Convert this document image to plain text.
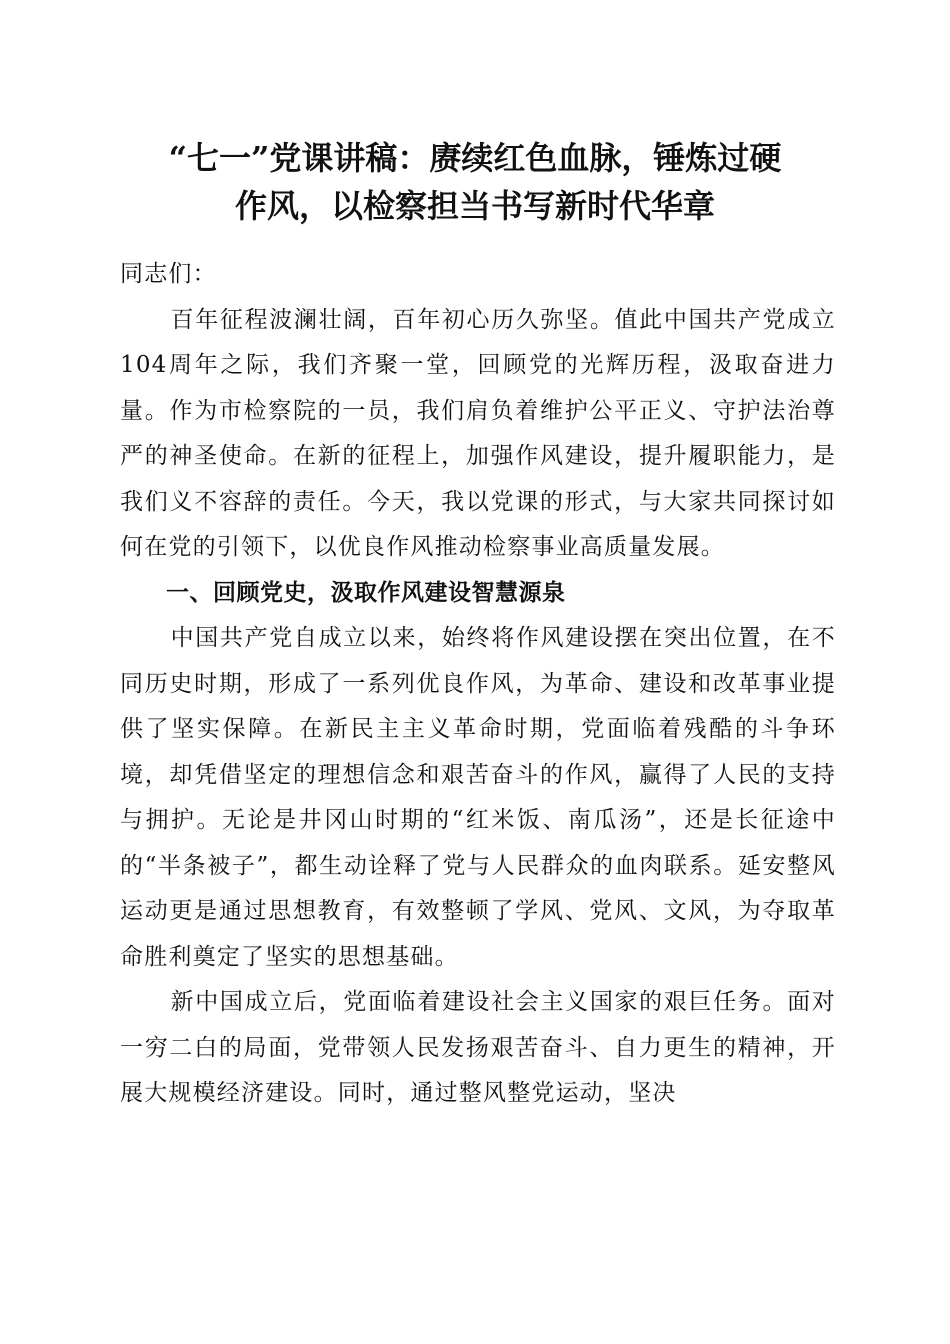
“七一”党课讲稿：赓续红色血脉，锤炼过硬
作风，以检察担当书写新时代华章

同志们：

百年征程波澜壮阔，百年初心历久弥坚。值此中国共产党成立104周年之际，我们齐聚一堂，回顾党的光辉历程，汲取奋进力量。作为市检察院的一员，我们肩负着维护公平正义、守护法治尊严的神圣使命。在新的征程上，加强作风建设，提升履职能力，是我们义不容辞的责任。今天，我以党课的形式，与大家共同探讨如何在党的引领下，以优良作风推动检察事业高质量发展。

一、回顾党史，汲取作风建设智慧源泉

中国共产党自成立以来，始终将作风建设摆在突出位置，在不同历史时期，形成了一系列优良作风，为革命、建设和改革事业提供了坚实保障。在新民主主义革命时期，党面临着残酷的斗争环境，却凭借坚定的理想信念和艰苦奋斗的作风，赢得了人民的支持与拥护。无论是井冈山时期的“红米饭、南瓜汤”，还是长征途中的“半条被子”，都生动诠释了党与人民群众的血肉联系。延安整风运动更是通过思想教育，有效整顿了学风、党风、文风，为夺取革命胜利奠定了坚实的思想基础。

新中国成立后，党面临着建设社会主义国家的艰巨任务。面对一穷二白的局面，党带领人民发扬艰苦奋斗、自力更生的精神，开展大规模经济建设。同时，通过整风整党运动，坚决
